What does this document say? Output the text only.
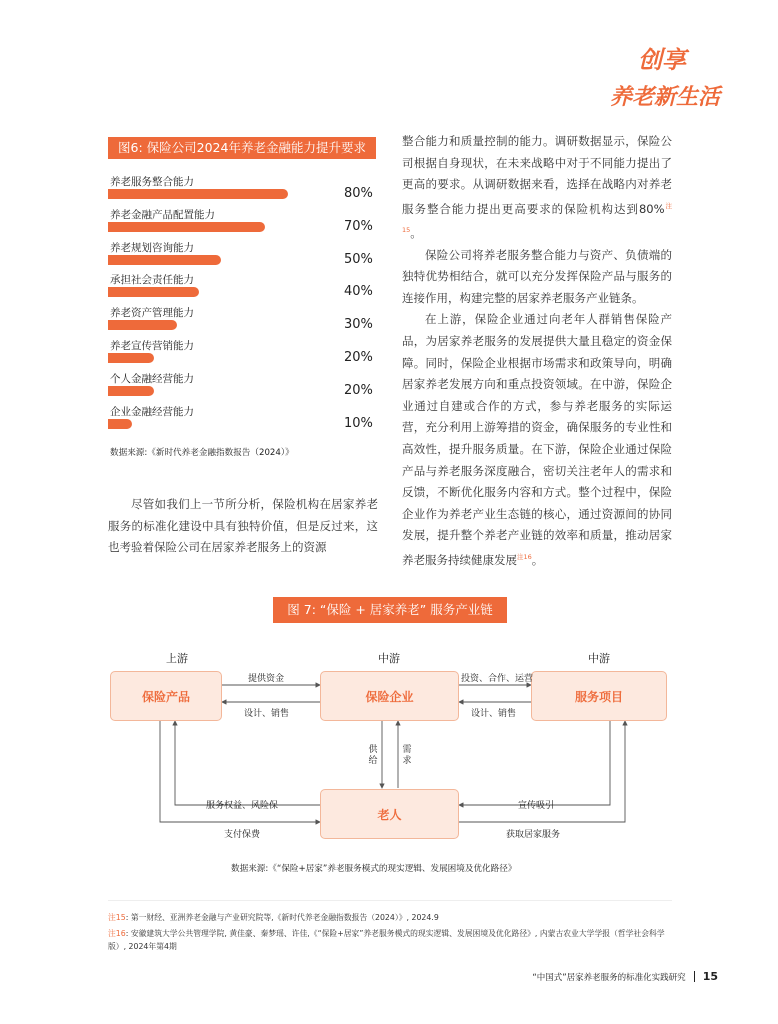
创享
养老新生活
图6: 保险公司2024年养老金融能力提升要求
养老服务整合能力
80%
养老金融产品配置能力
70%
养老规划咨询能力
50%
承担社会责任能力
40%
养老资产管理能力
30%
养老宣传营销能力
20%
个人金融经营能力
20%
企业金融经营能力
10%
数据来源:《新时代养老金融指数报告（2024）》

整合能力和质量控制的能力。调研数据显示，保险公司根据自身现状，在未来战略中对于不同能力提出了更高的要求。从调研数据来看，选择在战略内对养老服务整合能力提出更高要求的保险机构达到80%$^{注15}$。

保险公司将养老服务整合能力与资产、负债端的独特优势相结合，就可以充分发挥保险产品与服务的连接作用，构建完整的居家养老服务产业链条。

在上游，保险企业通过向老年人群销售保险产品，为居家养老服务的发展提供大量且稳定的资金保障。同时，保险企业根据市场需求和政策导向，明确居家养老发展方向和重点投资领域。在中游，保险企业通过自建或合作的方式，参与养老服务的实际运营，充分利用上游筹措的资金，确保服务的专业性和高效性，提升服务质量。在下游，保险企业通过保险产品与养老服务深度融合，密切关注老年人的需求和反馈，不断优化服务内容和方式。整个过程中，保险企业作为养老产业生态链的核心，通过资源间的协同发展，提升整个养老产业链的效率和质量，推动居家养老服务持续健康发展$^{注16}$。

尽管如我们上一节所分析，保险机构在居家养老服务的标准化建设中具有独特价值，但是反过来，这也考验着保险公司在居家养老服务上的资源

图 7: “保险 + 居家养老” 服务产业链
上游	中游	中游
保险产品	保险企业	服务项目
老人
提供资金
设计、销售
投资、合作、运营
设计、销售
供给
需求
服务权益、风险保
支付保费
宣传吸引
获取居家服务
数据来源:《“保险+居家”养老服务模式的现实逻辑、发展困境及优化路径》
注15: 第一财经、亚洲养老金融与产业研究院等,《新时代养老金融指数报告（2024）》, 2024.9
注16: 安徽建筑大学公共管理学院, 黄佳豪、秦梦瑶、许佳,《“保险+居家”养老服务模式的现实逻辑、发展困境及优化路径》, 内蒙古农业大学学报（哲学社会科学版）, 2024年第4期
“中国式”居家养老服务的标准化实践研究 15
